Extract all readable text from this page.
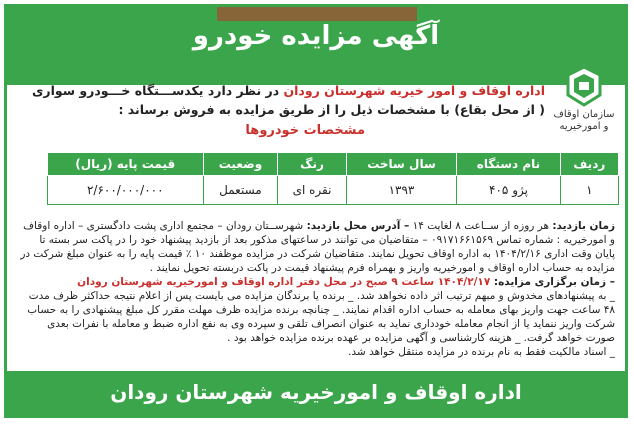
آگهی مزایده خودرو
سازمان اوقاف
و امورخیریه
اداره اوقاف و امور خیریه شهرستان رودان در نظر دارد یکدســـتگاه خـــودرو سواری ( از محل بقاع) با مشخصات ذیل را از طریق مزایده به فروش برساند :
مشخصات خودروها
ردیف	نام دستگاه	سال ساخت	رنگ	وضعیت	قیمت پایه (ریال)
۱	پژو ۴۰۵	۱۳۹۳	نقره ای	مستعمل	۲/۶۰۰/۰۰۰/۰۰۰
زمان بازدید: هر روزه از ســاعت ۸ لغایت ۱۴ – آدرس محل بازدید: شهرســتان رودان – مجتمع اداری پشت دادگستری – اداره اوقاف و امورخیریه : شماره تماس ۰۹۱۷۱۶۶۱۵۶۹ – متقاضیان می توانند در ساعتهای مذکور بعد از بازدید پیشنهاد خود را در پاکت سر بسته تا پایان وقت اداری ۱۴۰۴/۲/۱۶ به اداره اوقاف تحویل نمایند. متقاضیان شرکت در مزایده موظفند ۱۰ ٪ قیمت پایه را به عنوان مبلغ شرکت در مزایده به حساب اداره اوقاف و امورخیریه واریز و بهمراه فرم پیشنهاد قیمت در پاکت دربسته تحویل نمایند .
– زمان برگزاری مزایده: ۱۴۰۴/۲/۱۷ ساعت ۹ صبح در محل دفتر اداره اوقاف و امورخیریه شهرستان رودان
_ به پیشنهادهای مخدوش و مبهم ترتیب اثر داده نخواهد شد. _ برنده یا برندگان مزایده می بایست پس از اعلام نتیجه حداکثر ظرف مدت ۴۸ ساعت جهت واریز بهای معامله به حساب اداره اقدام نمایند. _ چنانچه برنده مزایده ظرف مهلت مقرر کل مبلغ پیشنهادی را به حساب شرکت واریز ننماید یا از انجام معامله خودداری نماید به عنوان انصراف تلقی و سپرده وی به نفع اداره ضبط و معامله با نفرات بعدی صورت خواهد گرفت. _ هزینه کارشناسی و آگهی مزایده بر عهده برنده مزایده خواهد بود .
_ اسناد مالکیت فقط به نام برنده در مزایده منتقل خواهد شد.
اداره اوقاف و امورخیریه شهرستان رودان
